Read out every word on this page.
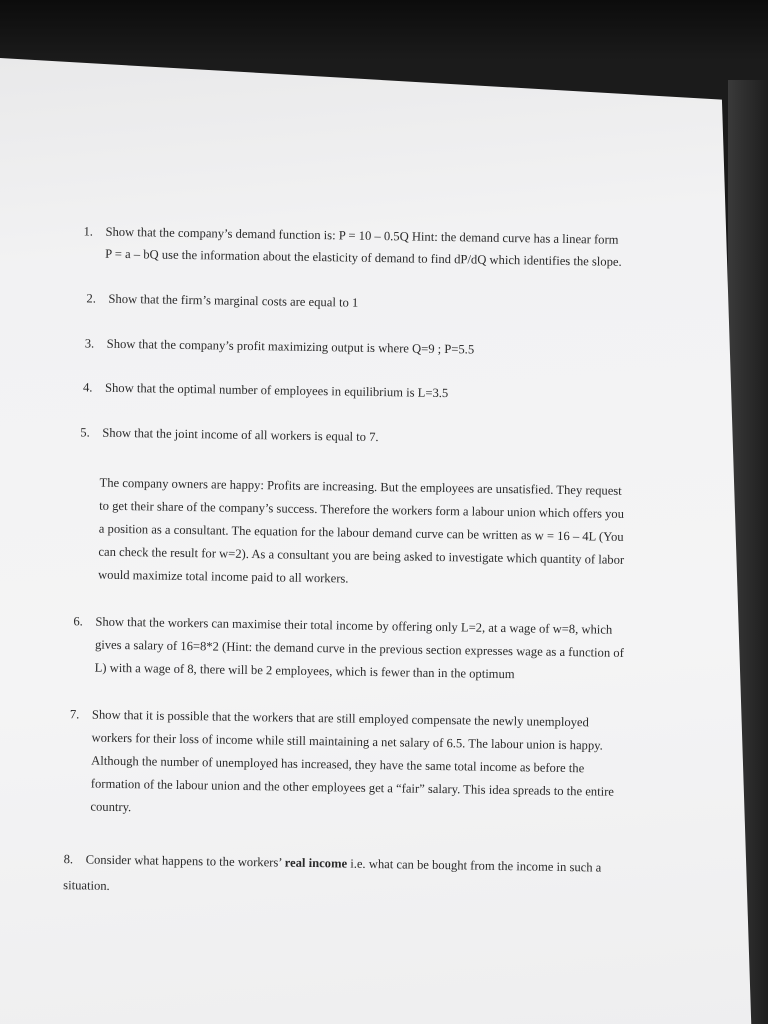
1. Show that the company’s demand function is: P = 10 – 0.5Q Hint: the demand curve has a linear form
P = a – bQ use the information about the elasticity of demand to find dP/dQ which identifies the slope.
2. Show that the firm’s marginal costs are equal to 1
3. Show that the company’s profit maximizing output is where Q=9 ; P=5.5
4. Show that the optimal number of employees in equilibrium is L=3.5
5. Show that the joint income of all workers is equal to 7.
The company owners are happy: Profits are increasing. But the employees are unsatisfied. They request
to get their share of the company’s success. Therefore the workers form a labour union which offers you
a position as a consultant. The equation for the labour demand curve can be written as w = 16 – 4L (You
can check the result for w=2). As a consultant you are being asked to investigate which quantity of labor
would maximize total income paid to all workers.
6. Show that the workers can maximise their total income by offering only L=2, at a wage of w=8, which
gives a salary of 16=8*2 (Hint: the demand curve in the previous section expresses wage as a function of
L) with a wage of 8, there will be 2 employees, which is fewer than in the optimum
7. Show that it is possible that the workers that are still employed compensate the newly unemployed
workers for their loss of income while still maintaining a net salary of 6.5. The labour union is happy.
Although the number of unemployed has increased, they have the same total income as before the
formation of the labour union and the other employees get a “fair” salary. This idea spreads to the entire
country.
8. Consider what happens to the workers’ real income i.e. what can be bought from the income in such a
situation.
